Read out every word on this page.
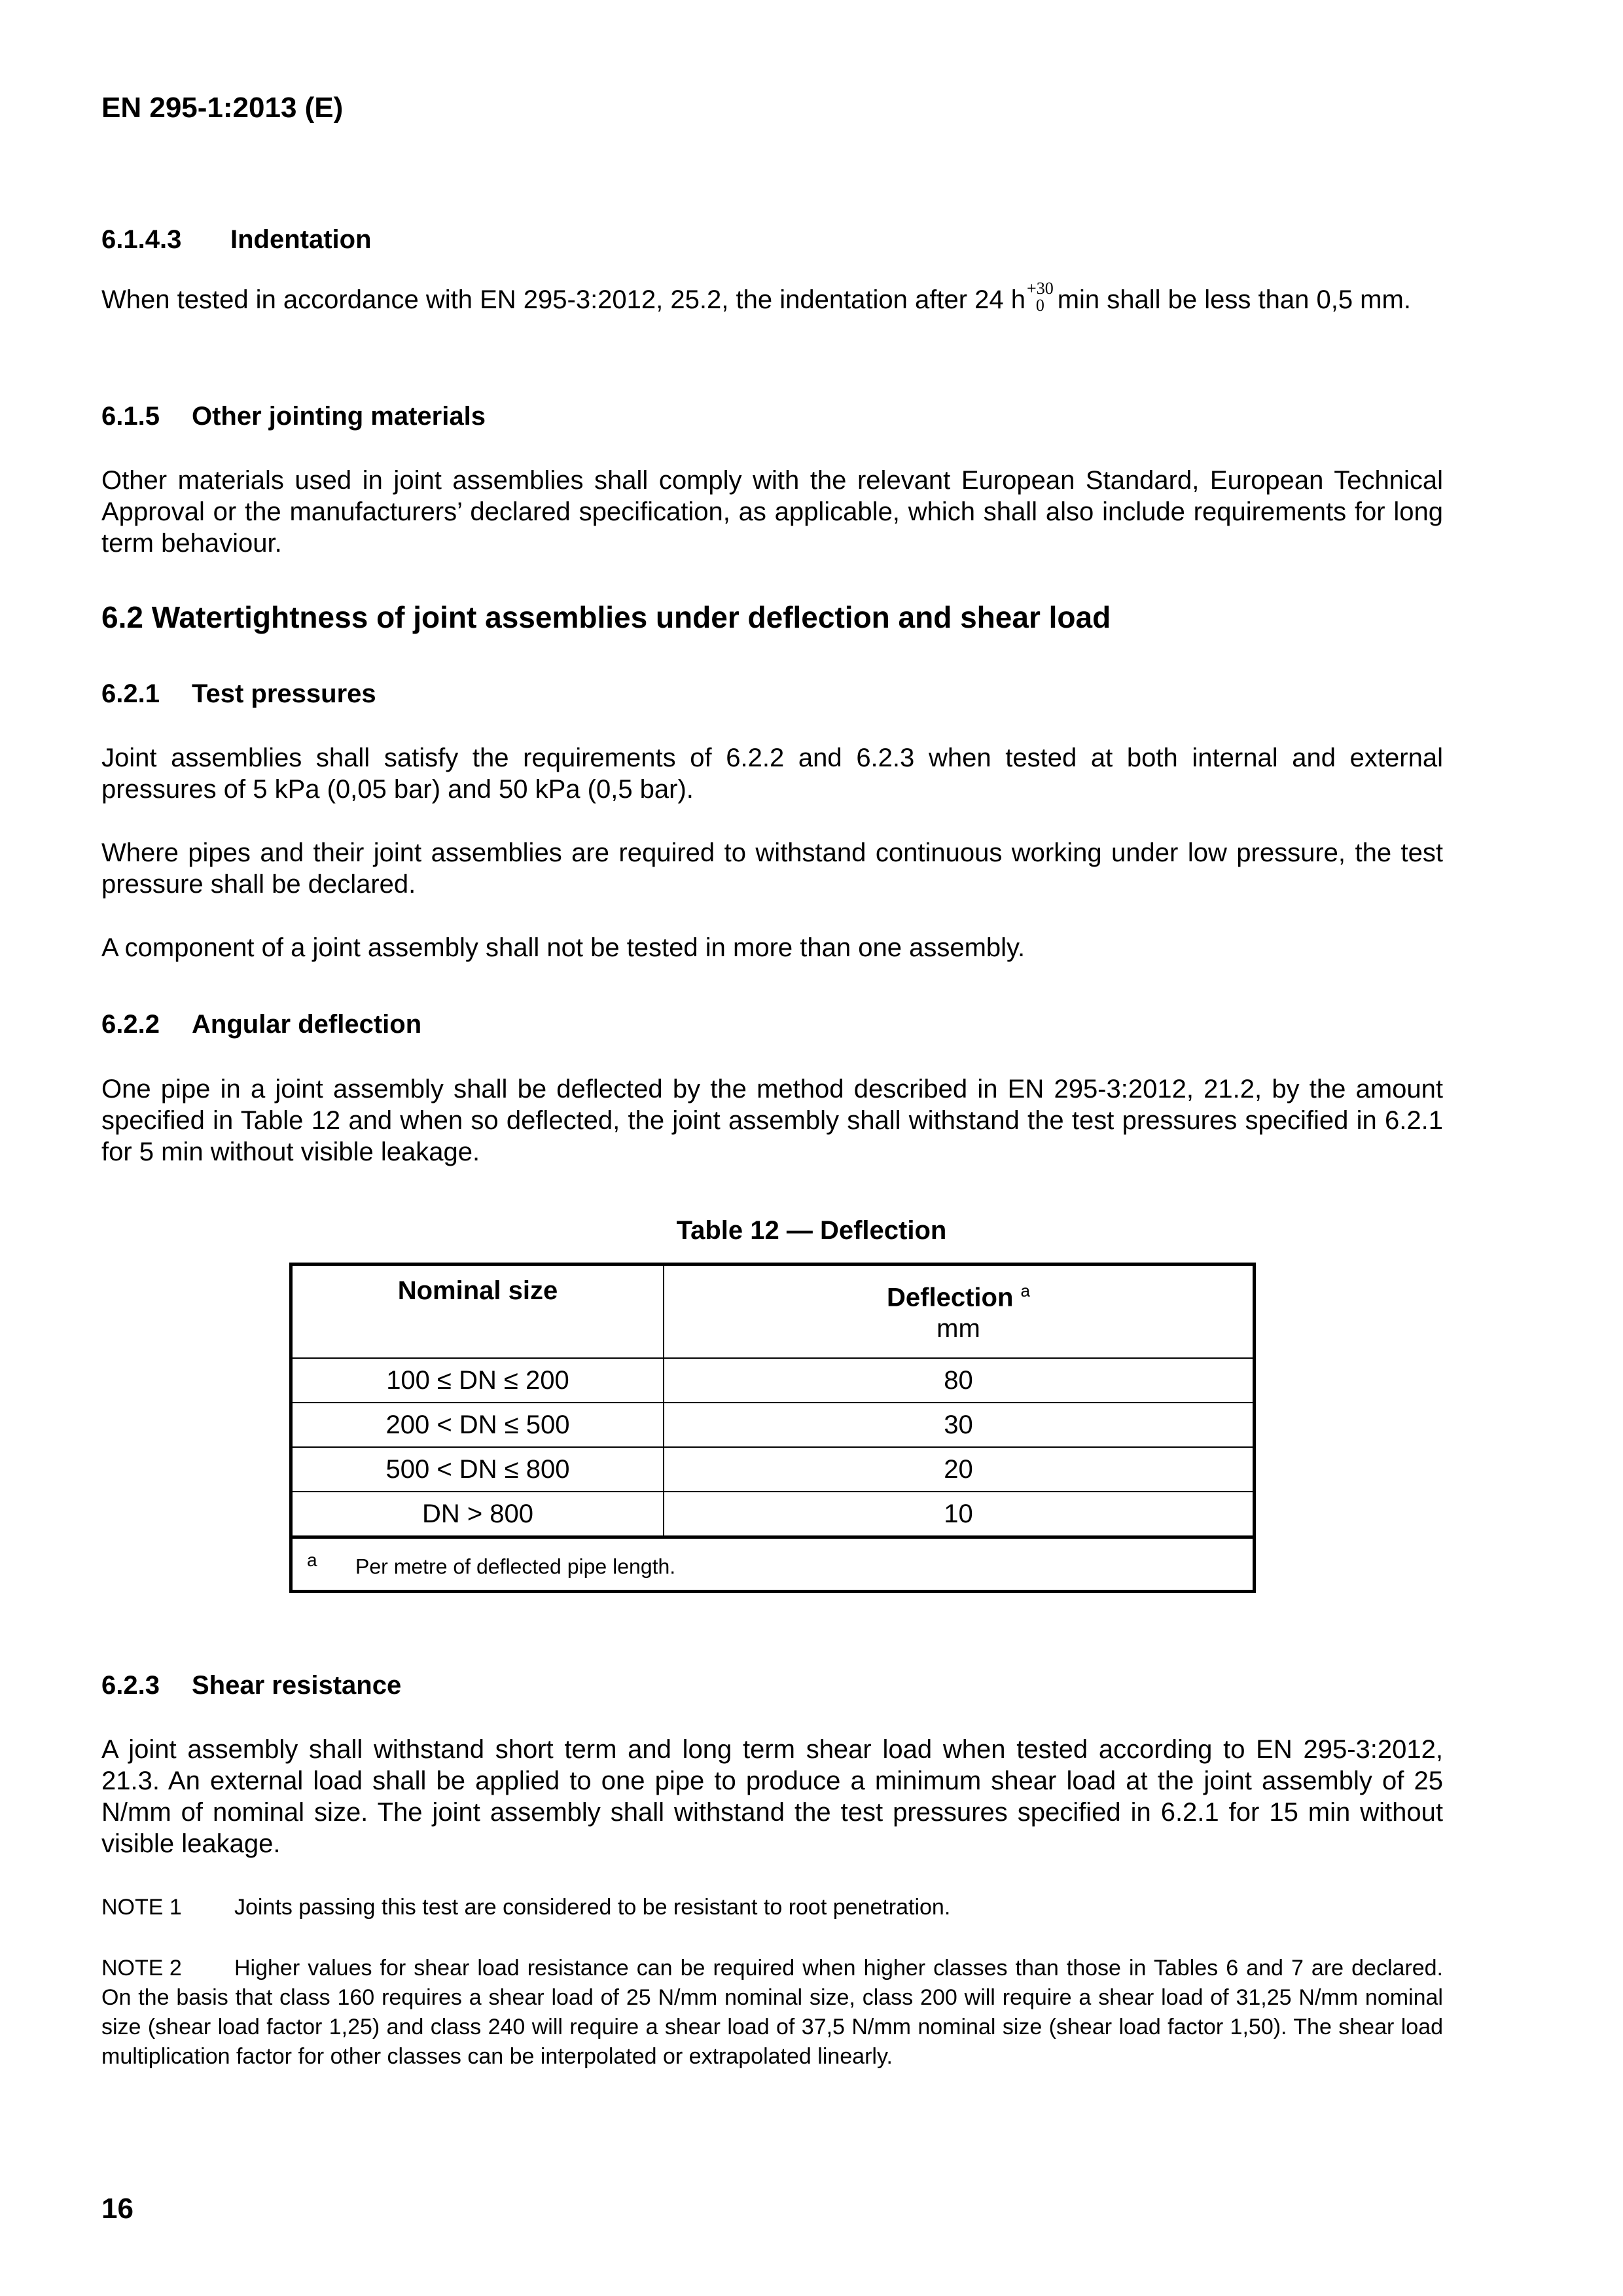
EN 295-1:2013 (E)
6.1.4.3 Indentation
When tested in accordance with EN 295-3:2012, 25.2, the indentation after 24 h +30
0 min shall be less than 0,5 mm.
6.1.5 Other jointing materials
Other materials used in joint assemblies shall comply with the relevant European Standard, European Technical Approval or the manufacturers’ declared specification, as applicable, which shall also include requirements for long term behaviour.
6.2 Watertightness of joint assemblies under deflection and shear load
6.2.1 Test pressures
Joint assemblies shall satisfy the requirements of 6.2.2 and 6.2.3 when tested at both internal and external pressures of 5 kPa (0,05 bar) and 50 kPa (0,5 bar).
Where pipes and their joint assemblies are required to withstand continuous working under low pressure, the test pressure shall be declared.
A component of a joint assembly shall not be tested in more than one assembly.
6.2.2 Angular deflection
One pipe in a joint assembly shall be deflected by the method described in EN 295-3:2012, 21.2, by the amount specified in Table 12 and when so deflected, the joint assembly shall withstand the test pressures specified in 6.2.1 for 5 min without visible leakage.
Table 12 — Deflection
Nominal size	Deflection $^a$
mm
100 ≤ DN ≤ 200	80
200 < DN ≤ 500	30
500 < DN ≤ 800	20
DN > 800	10
a Per metre of deflected pipe length.	
6.2.3 Shear resistance
A joint assembly shall withstand short term and long term shear load when tested according to EN 295-3:2012, 21.3. An external load shall be applied to one pipe to produce a minimum shear load at the joint assembly of 25 N/mm of nominal size. The joint assembly shall withstand the test pressures specified in 6.2.1 for 15 min without visible leakage.
NOTE 1 Joints passing this test are considered to be resistant to root penetration.
NOTE 2 Higher values for shear load resistance can be required when higher classes than those in Tables 6 and 7 are declared. On the basis that class 160 requires a shear load of 25 N/mm nominal size, class 200 will require a shear load of 31,25 N/mm nominal size (shear load factor 1,25) and class 240 will require a shear load of 37,5 N/mm nominal size (shear load factor 1,50). The shear load multiplication factor for other classes can be interpolated or extrapolated linearly.
16
